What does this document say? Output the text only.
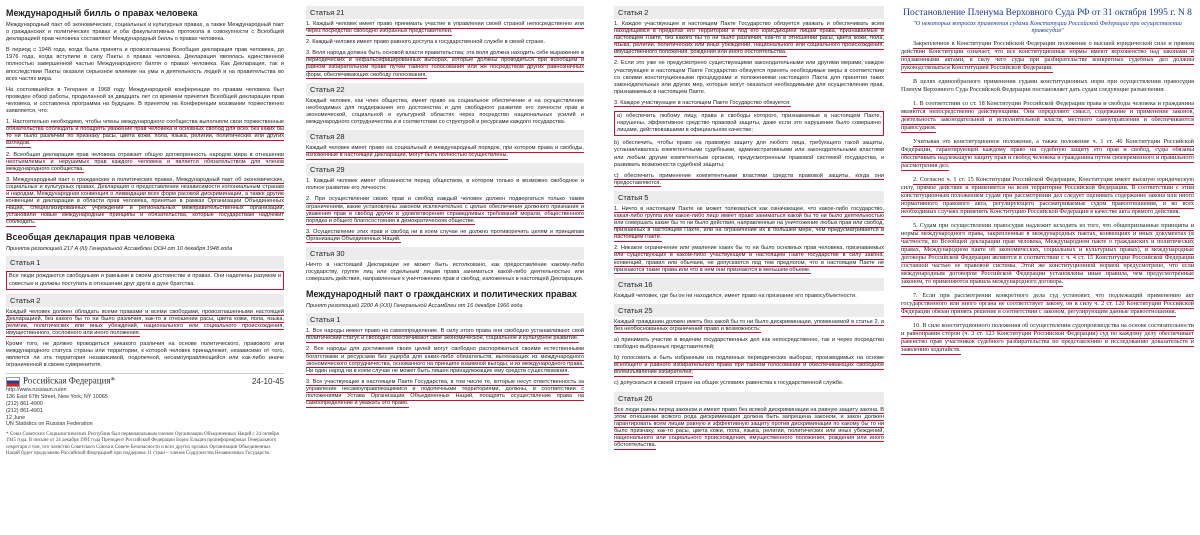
Международный билль о правах человека

Международный пакт об экономических, социальных и культурных правах, а также Международный пакт о гражданских и политических правах и оба факультативных протокола в совокупности с Всеобщей декларацией прав человека составляют Международный билль о правах человека.

В период с 1948 года, когда была принята и провозглашена Всеобщая декларация прав человека, до 1976 года, когда вступили в силу Пакты о правах человека, Декларация являлась единственной полностью завершенной частью Международного билля о правах человека. Как Декларация, так и впоследствии Пакты оказали серьезное влияние на умы и деятельность людей и на правительства во всех частях мира.

На состоявшейся в Тегеране в 1968 году Международной конференции по правам человека был проведен обзор работы, проделанной за двадцать лет со времени принятия Всеобщей декларации прав человека, и составлена программа на будущее. В принятом на Конференции воззвании торжественно заявляется, что:

1. Настоятельно необходимо, чтобы члены международного сообщества выполняли свои торжественные обязательства соблюдать и поощрять уважение прав человека и основных свобод для всех без каких бы то ни было различий по признаку расы, цвета кожи, пола, языка, религии, политических или других взглядов.

2. Всеобщая декларация прав человека отражает общую договоренность народов мира в отношении неотъемлемых и нерушимых прав каждого человека и является обязательством для членов международного сообщества.

3. Международный пакт о гражданских и политических правах, Международный пакт об экономических, социальных и культурных правах, Декларация о предоставлении независимости колониальным странам и народам, Международная конвенция о ликвидации всех форм расовой дискриминации, а также другие конвенции и декларации в области прав человека, принятые в рамках Организации Объединенных Наций, специализированных учреждений и региональных межправительственных организаций, установили новые международные принципы и обязательства, которые государствам надлежит соблюдать.

Всеобщая декларация прав человека
Принята резолюцией 217 A (III) Генеральной Ассамблеи ООН от 10 декабря 1948 года
Статья 1

Все люди рождаются свободными и равными в своем достоинстве и правах. Они наделены разумом и совестью и должны поступать в отношении друг друга в духе братства.

Статья 2

Каждый человек должен обладать всеми правами и всеми свободами, провозглашенными настоящей Декларацией, без какого бы то ни было различия, как-то в отношении расы, цвета кожи, пола, языка, религии, политических или иных убеждений, национального или социального происхождения, имущественного, сословного или иного положения.

Кроме того, не должно проводиться никакого различия на основе политического, правового или международного статуса страны или территории, к которой человек принадлежит, независимо от того, является ли эта территория независимой, подопечной, несамоуправляющейся или как-либо иначе ограниченной в своем суверенитете.

Российская Федерация*	24-10-45
http://www.russiaun.ru/en
136 East 67th Street, New York, NY 10065
(212) 861-4900
(212) 861-4901
12 June
UN Statistics on Russian Federation
* Союз Советских Социалистических Республик был первоначальным членом Организации Объединенных Наций с 24 октября 1945 года. В письме от 24 декабря 1991 года Президент Российской Федерации Борис Ельцин проинформировал Генерального секретаря о том, что членство Советского Союза в Совете Безопасности и всех других органах Организации Объединенных Наций будет продолжено Российской Федерацией при поддержке 11 стран – членов Содружества Независимых Государств.
Статья 21

1. Каждый человек имеет право принимать участие в управлении своей страной непосредственно или через посредство свободно избранных представителей.

2. Каждый человек имеет право равного доступа к государственной службе в своей стране.

3. Воля народа должна быть основой власти правительства; эта воля должна находить себе выражение в периодических и нефальсифицированных выборах, которые должны проводиться при всеобщем и равном избирательном праве путем тайного голосования или же посредством других равнозначных форм, обеспечивающих свободу голосования.

Статья 22

Каждый человек, как член общества, имеет право на социальное обеспечение и на осуществление необходимых для поддержания его достоинства и для свободного развития его личности прав в экономической, социальной и культурной областях через посредство национальных усилий и международного сотрудничества и в соответствии со структурой и ресурсами каждого государства.

Статья 28

Каждый человек имеет право на социальный и международный порядок, при котором права и свободы, изложенные в настоящей Декларации, могут быть полностью осуществлены.

Статья 29

1. Каждый человек имеет обязанности перед обществом, в котором только и возможно свободное и полное развитие его личности.

2. При осуществлении своих прав и свобод каждый человек должен подвергаться только таким ограничениям, какие установлены законом исключительно с целью обеспечения должного признания и уважения прав и свобод других и удовлетворения справедливых требований морали, общественного порядка и общего благосостояния в демократическом обществе.

3. Осуществление этих прав и свобод ни в коем случае не должно противоречить целям и принципам Организации Объединенных Наций.

Статья 30

Ничто в настоящей Декларации не может быть истолковано, как предоставление какому-либо государству, группе лиц или отдельным лицам права заниматься какой-либо деятельностью или совершать действия, направленные к уничтожению прав и свобод, изложенных в настоящей Декларации.

Международный пакт о гражданских и политических правах
Принят резолюцией 2200 A (XXI) Генеральной Ассамблеи от 16 декабря 1966 года
Статья 1

1. Все народы имеют право на самоопределение. В силу этого права они свободно устанавливают свой политический статус и свободно обеспечивают свое экономическое, социальное и культурное развитие.

2. Все народы для достижения своих целей могут свободно распоряжаться своими естественными богатствами и ресурсами без ущерба для каких-либо обязательств, вытекающих из международного экономического сотрудничества, основанного на принципе взаимной выгоды, и из международного права. Ни один народ ни в коем случае не может быть лишен принадлежащих ему средств существования.

3. Все участвующие в настоящем Пакте Государства, в том числе те, которые несут ответственность за управление несамоуправляющимися и подопечными территориями, должны, в соответствии с положениями Устава Организации Объединенных Наций, поощрять осуществление права на самоопределение и уважать это право.

Статья 2

1. Каждое участвующее в настоящем Пакте Государство обязуется уважать и обеспечивать всем находящимся в пределах его территории и под его юрисдикцией лицам права, признаваемые в настоящем Пакте, без какого бы то ни было различия, как-то в отношении расы, цвета кожи, пола, языка, религии, политических или иных убеждений, национального или социального происхождения, имущественного положения, рождения или иного обстоятельства.

2. Если это уже не предусмотрено существующими законодательными или другими мерами, каждое участвующее в настоящем Пакте Государство обязуется принять необходимые меры в соответствии со своими конституционными процедурами и положениями настоящего Пакта для принятия таких законодательных или других мер, которые могут оказаться необходимыми для осуществления прав, признаваемых в настоящем Пакте.

3. Каждое участвующее в настоящем Пакте Государство обязуется:

a) обеспечить любому лицу, права и свободы которого, признаваемые в настоящем Пакте, нарушены, эффективное средство правовой защиты, даже если это нарушение было совершено лицами, действовавшими в официальном качестве;

b) обеспечить, чтобы право на правовую защиту для любого лица, требующего такой защиты, устанавливалось компетентными судебными, административными или законодательными властями или любым другим компетентным органом, предусмотренным правовой системой государства, и развивать возможности судебной защиты;

c) обеспечить применение компетентными властями средств правовой защиты, когда они предоставляются.

Статья 5

1. Ничто в настоящем Пакте не может толковаться как означающее, что какое-либо государство, какая-либо группа или какое-либо лицо имеет право заниматься какой бы то ни было деятельностью или совершать какие бы то ни было действия, направленные на уничтожение любых прав или свобод, признанных в настоящем Пакте, или на ограничение их в большей мере, чем предусматривается в настоящем Пакте.

2. Никакое ограничение или умаление каких бы то ни было основных прав человека, признаваемых или существующих в каком-либо участвующем в настоящем Пакте государстве в силу закона, конвенций, правил или обычаев, не допускается под тем предлогом, что в настоящем Пакте не признаются такие права или что в нем они признаются в меньшем объеме.

Статья 16

Каждый человек, где бы он ни находился, имеет право на признание его правосубъектности.

Статья 25

Каждый гражданин должен иметь без какой бы то ни было дискриминации, упоминаемой в статье 2, и без необоснованных ограничений право и возможность:

a) принимать участие в ведении государственных дел как непосредственно, так и через посредство свободно выбранных представителей;

b) голосовать и быть избранным на подлинных периодических выборах, производимых на основе всеобщего и равного избирательного права при тайном голосовании и обеспечивающих свободное волеизъявление избирателей;

c) допускаться в своей стране на общих условиях равенства к государственной службе.

Статья 26

Все люди равны перед законом и имеют право без всякой дискриминации на равную защиту закона. В этом отношении всякого рода дискриминация должна быть запрещена законом, и закон должен гарантировать всем лицам равную и эффективную защиту против дискриминации по какому бы то ни было признаку, как-то расы, цвета кожи, пола, языка, религии, политических или иных убеждений, национального или социального происхождения, имущественного положения, рождения или иного обстоятельства.

Постановление Пленума Верховного Суда РФ от 31 октября 1995 г. N 8
"О некоторых вопросах применения судами Конституции Российской Федерации при осуществлении правосудия"

Закрепленное в Конституции Российской Федерации положение о высшей юридической силе и прямом действии Конституции означает, что все конституционные нормы имеют верховенство над законами и подзаконными актами, в силу чего суды при разбирательстве конкретных судебных дел должны руководствоваться Конституцией Российской Федерации.

В целях единообразного применения судами конституционных норм при осуществлении правосудия Пленум Верховного Суда Российской Федерации постановляет дать судам следующие разъяснения:

1. В соответствии со ст. 18 Конституции Российской Федерации права и свободы человека и гражданина являются непосредственно действующими. Они определяют смысл, содержание и применение законов, деятельность законодательной и исполнительной власти, местного самоуправления и обеспечиваются правосудием.

Учитывая это конституционное положение, а также положение ч. 1 ст. 46 Конституции Российской Федерации, гарантирующей каждому право на судебную защиту его прав и свобод, суды обязаны обеспечивать надлежащую защиту прав и свобод человека и гражданина путем своевременного и правильного рассмотрения дел.

2. Согласно ч. 1 ст. 15 Конституции Российской Федерации, Конституция имеет высшую юридическую силу, прямое действие и применяется на всей территории Российской Федерации. В соответствии с этим конституционным положением судам при рассмотрении дел следует оценивать содержание закона или иного нормативного правового акта, регулирующего рассматриваемые судом правоотношения, и во всех необходимых случаях применять Конституцию Российской Федерации в качестве акта прямого действия.

5. Судам при осуществлении правосудия надлежит исходить из того, что общепризнанные принципы и нормы международного права, закрепленные в международных пактах, конвенциях и иных документах (в частности, во Всеобщей декларации прав человека, Международном пакте о гражданских и политических правах, Международном пакте об экономических, социальных и культурных правах), и международные договоры Российской Федерации являются в соответствии с ч. 4 ст. 15 Конституции Российской Федерации составной частью ее правовой системы. Этой же конституционной нормой предусмотрено, что если международным договором Российской Федерации установлены иные правила, чем предусмотренные законом, то применяются правила международного договора.

7. Если при рассмотрении конкретного дела суд установит, что подлежащий применению акт государственного или иного органа не соответствует закону, он в силу ч. 2 ст. 120 Конституции Российской Федерации обязан принять решение в соответствии с законом, регулирующим данные правоотношения.

10. В силе конституционного положения об осуществлении судопроизводства на основе состязательности и равноправия сторон (ч. 3 ст. 123 Конституции Российской Федерации) суд по каждому делу обеспечивает равенство прав участников судебного разбирательства по представлению и исследованию доказательств и заявлению ходатайств.
